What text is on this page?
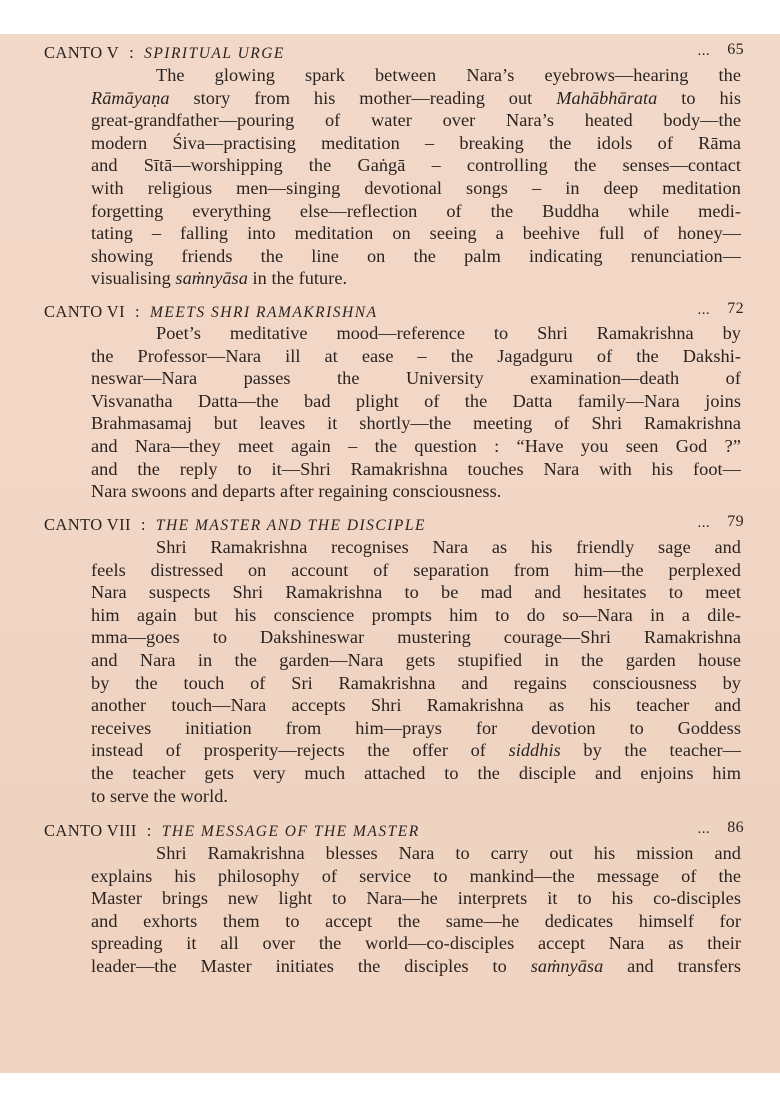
CANTO V : SPIRITUAL URGE	... 65
The glowing spark between Nara’s eyebrows—hearing the
Rāmāyaṇa story from his mother—reading out Mahābhārata to his
great-grandfather—pouring of water over Nara’s heated body—the
modern Śiva—practising meditation – breaking the idols of Rāma
and Sītā—worshipping the Gaṅgā – controlling the senses—contact
with religious men—singing devotional songs – in deep meditation
forgetting everything else—reflection of the Buddha while medi-
tating – falling into meditation on seeing a beehive full of honey—
showing friends the line on the palm indicating renunciation—
visualising saṁnyāsa in the future.
CANTO VI : MEETS SHRI RAMAKRISHNA	... 72
Poet’s meditative mood—reference to Shri Ramakrishna by
the Professor—Nara ill at ease – the Jagadguru of the Dakshi-
neswar—Nara passes the University examination—death of
Visvanatha Datta—the bad plight of the Datta family—Nara joins
Brahmasamaj but leaves it shortly—the meeting of Shri Ramakrishna
and Nara—they meet again – the question : “Have you seen God ?”
and the reply to it—Shri Ramakrishna touches Nara with his foot—
Nara swoons and departs after regaining consciousness.
CANTO VII : THE MASTER AND THE DISCIPLE	... 79
Shri Ramakrishna recognises Nara as his friendly sage and
feels distressed on account of separation from him—the perplexed
Nara suspects Shri Ramakrishna to be mad and hesitates to meet
him again but his conscience prompts him to do so—Nara in a dile-
mma—goes to Dakshineswar mustering courage—Shri Ramakrishna
and Nara in the garden—Nara gets stupified in the garden house
by the touch of Sri Ramakrishna and regains consciousness by
another touch—Nara accepts Shri Ramakrishna as his teacher and
receives initiation from him—prays for devotion to Goddess
instead of prosperity—rejects the offer of siddhis by the teacher—
the teacher gets very much attached to the disciple and enjoins him
to serve the world.
CANTO VIII : THE MESSAGE OF THE MASTER	... 86
Shri Ramakrishna blesses Nara to carry out his mission and
explains his philosophy of service to mankind—the message of the
Master brings new light to Nara—he interprets it to his co-disciples
and exhorts them to accept the same—he dedicates himself for
spreading it all over the world—co-disciples accept Nara as their
leader—the Master initiates the disciples to saṁnyāsa and transfers
